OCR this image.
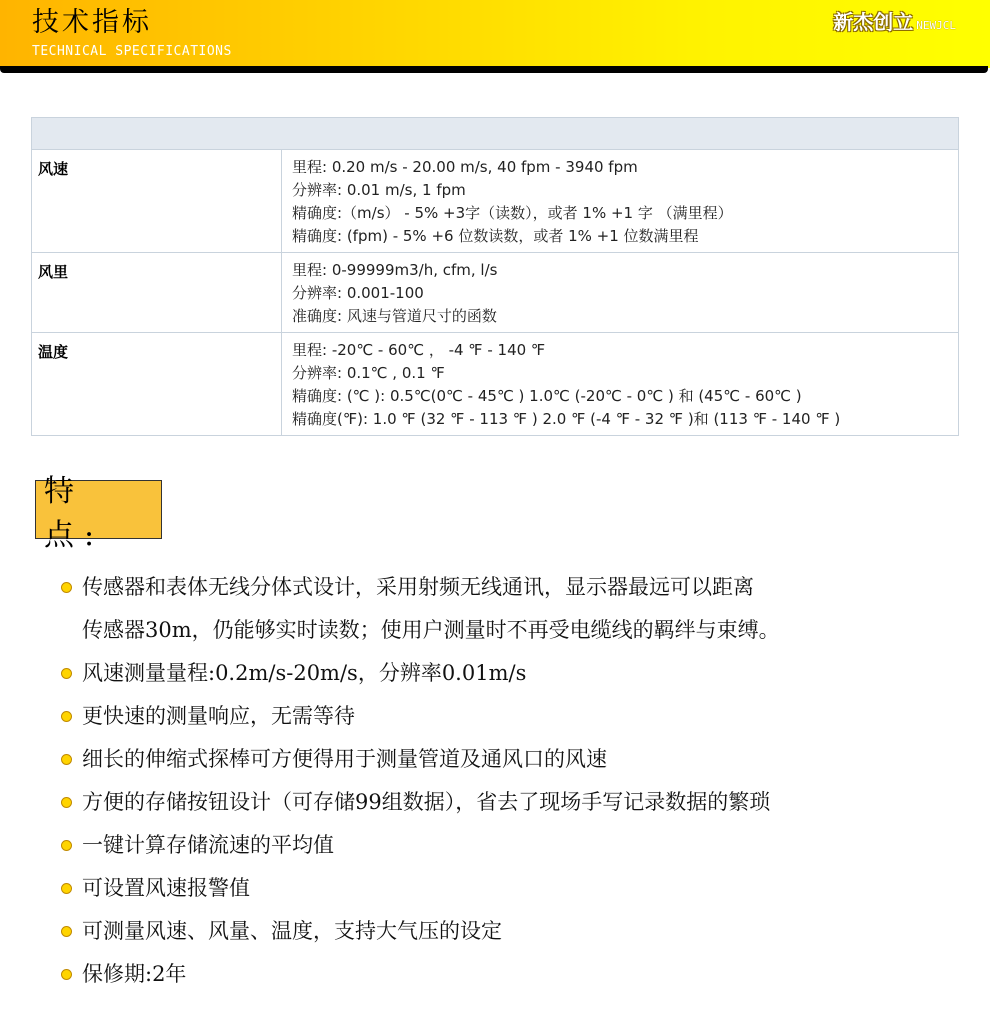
技术指标
TECHNICAL SPECIFICATIONS
新杰创立 NEWJCL

风速	里程: 0.20 m/s - 20.00 m/s, 40 fpm - 3940 fpm
分辨率: 0.01 m/s, 1 fpm
精确度:（m/s） - 5% +3字（读数），或者 1% +1 字 （满里程）
精确度: (fpm) - 5% +6 位数读数，或者 1% +1 位数满里程

风里	里程: 0-99999m3/h, cfm, l/s
分辨率: 0.001-100
准确度: 风速与管道尺寸的函数

温度	里程: -20℃ - 60℃ ， -4 ℉ - 140 ℉
分辨率: 0.1℃ , 0.1 ℉
精确度: (℃ ): 0.5℃(0℃ - 45℃ ) 1.0℃ (-20℃ - 0℃ ) 和 (45℃ - 60℃ )
精确度(℉): 1.0 ℉ (32 ℉ - 113 ℉ ) 2.0 ℉ (-4 ℉ - 32 ℉ )和 (113 ℉ - 140 ℉ )
特 点:
传感器和表体无线分体式设计，采用射频无线通讯，显示器最远可以距离
传感器30m，仍能够实时读数；使用户测量时不再受电缆线的羁绊与束缚。
风速测量量程:0.2m/s-20m/s，分辨率0.01m/s
更快速的测量响应，无需等待
细长的伸缩式探棒可方便得用于测量管道及通风口的风速
方便的存储按钮设计（可存储99组数据），省去了现场手写记录数据的繁琐
一键计算存储流速的平均值
可设置风速报警值
可测量风速、风量、温度，支持大气压的设定
保修期:2年
